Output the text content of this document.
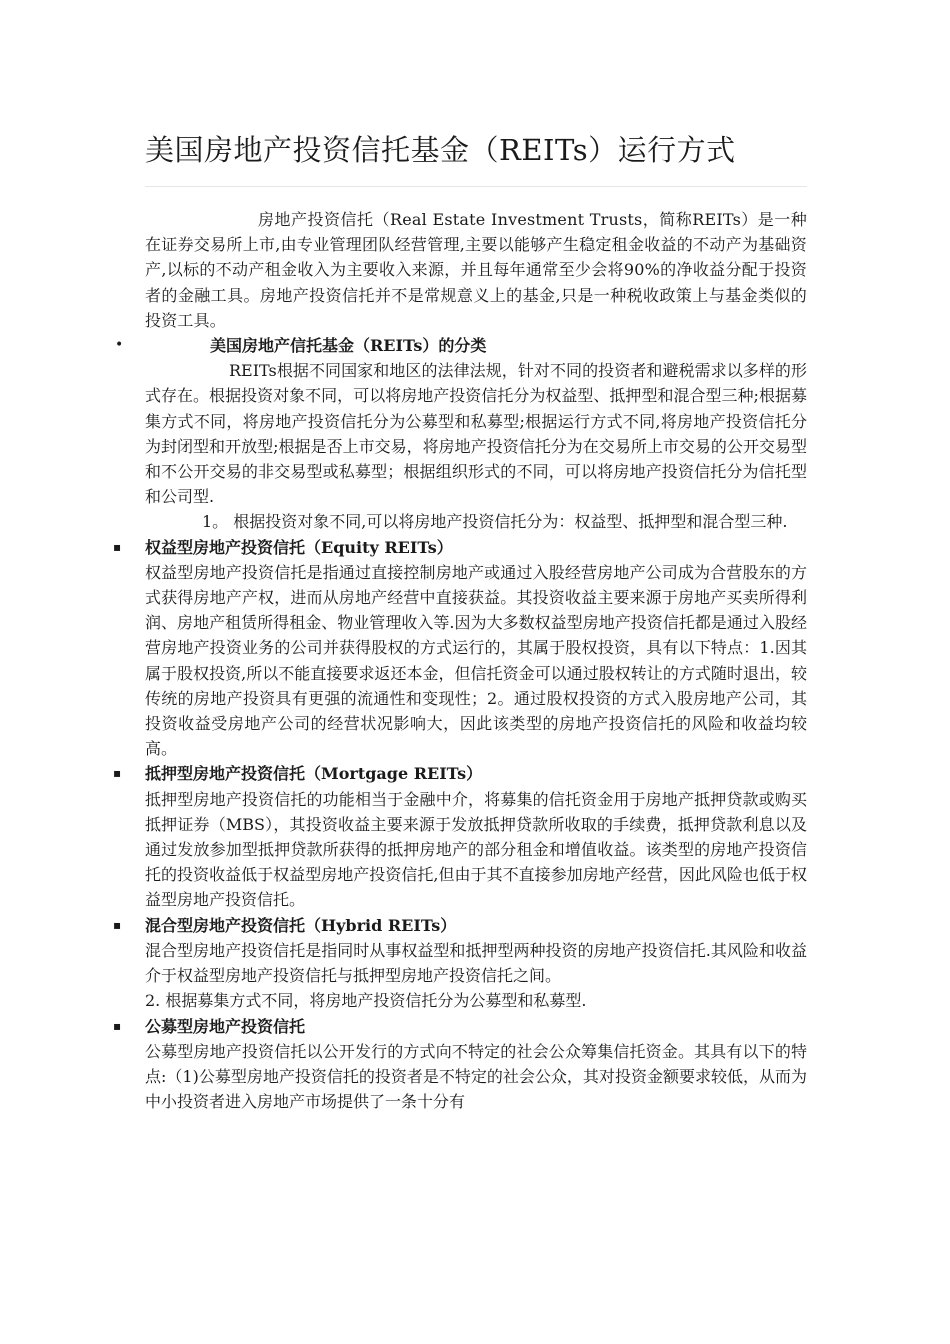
美国房地产投资信托基金（REITs）运行方式

房地产投资信托（Real Estate Investment Trusts，简称REITs）是一种在证券交易所上市,由专业管理团队经营管理,主要以能够产生稳定租金收益的不动产为基础资产,以标的不动产租金收入为主要收入来源，并且每年通常至少会将90%的净收益分配于投资者的金融工具。房地产投资信托并不是常规意义上的基金,只是一种税收政策上与基金类似的投资工具。

•	美国房地产信托基金（REITs）的分类

REITs根据不同国家和地区的法律法规，针对不同的投资者和避税需求以多样的形式存在。根据投资对象不同，可以将房地产投资信托分为权益型、抵押型和混合型三种;根据募集方式不同，将房地产投资信托分为公募型和私募型;根据运行方式不同,将房地产投资信托分为封闭型和开放型;根据是否上市交易，将房地产投资信托分为在交易所上市交易的公开交易型和不公开交易的非交易型或私募型；根据组织形式的不同，可以将房地产投资信托分为信托型和公司型.

1。 根据投资对象不同,可以将房地产投资信托分为：权益型、抵押型和混合型三种.

▪ 权益型房地产投资信托（Equity REITs）

权益型房地产投资信托是指通过直接控制房地产或通过入股经营房地产公司成为合营股东的方式获得房地产产权，进而从房地产经营中直接获益。其投资收益主要来源于房地产买卖所得利润、房地产租赁所得租金、物业管理收入等.因为大多数权益型房地产投资信托都是通过入股经营房地产投资业务的公司并获得股权的方式运行的，其属于股权投资，具有以下特点：1.因其属于股权投资,所以不能直接要求返还本金，但信托资金可以通过股权转让的方式随时退出，较传统的房地产投资具有更强的流通性和变现性；2。通过股权投资的方式入股房地产公司，其投资收益受房地产公司的经营状况影响大，因此该类型的房地产投资信托的风险和收益均较高。

▪ 抵押型房地产投资信托（Mortgage REITs）

抵押型房地产投资信托的功能相当于金融中介，将募集的信托资金用于房地产抵押贷款或购买抵押证券（MBS），其投资收益主要来源于发放抵押贷款所收取的手续费，抵押贷款利息以及通过发放参加型抵押贷款所获得的抵押房地产的部分租金和增值收益。该类型的房地产投资信托的投资收益低于权益型房地产投资信托,但由于其不直接参加房地产经营，因此风险也低于权益型房地产投资信托。

▪ 混合型房地产投资信托（Hybrid REITs）

混合型房地产投资信托是指同时从事权益型和抵押型两种投资的房地产投资信托.其风险和收益介于权益型房地产投资信托与抵押型房地产投资信托之间。

2. 根据募集方式不同，将房地产投资信托分为公募型和私募型.

▪ 公募型房地产投资信托

公募型房地产投资信托以公开发行的方式向不特定的社会公众筹集信托资金。其具有以下的特点:（1)公募型房地产投资信托的投资者是不特定的社会公众，其对投资金额要求较低，从而为中小投资者进入房地产市场提供了一条十分有
